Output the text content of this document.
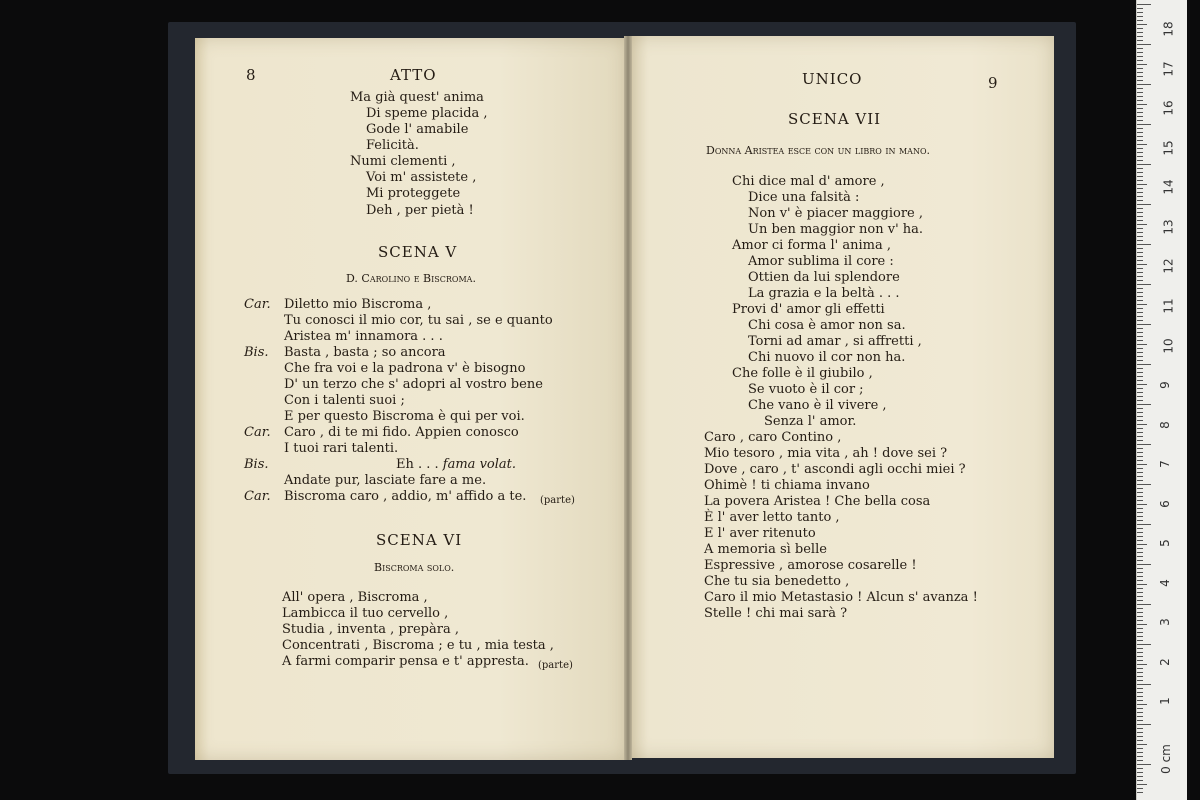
8	ATTO
Ma già quest' anima
Di speme placida ,
Gode l' amabile
Felicità.
Numi clementi ,
Voi m' assistete ,
Mi proteggete
Deh , per pietà !
SCENA V
D. Carolino e Biscroma.
Car. Diletto mio Biscroma ,
Tu conosci il mio cor, tu sai , se e quanto
Aristea m' innamora . . .
Bis. Basta , basta ; so ancora
Che fra voi e la padrona v' è bisogno
D' un terzo che s' adopri al vostro bene
Con i talenti suoi ;
E per questo Biscroma è qui per voi.
Car. Caro , di te mi fido. Appien conosco
I tuoi rari talenti.
Bis.	Eh . . . fama volat.
Andate pur, lasciate fare a me.
Car. Biscroma caro , addio, m' affido a te. (parte)
SCENA VI
Biscroma solo.
All' opera , Biscroma ,
Lambicca il tuo cervello ,
Studia , inventa , prepàra ,
Concentrati , Biscroma ; e tu , mia testa ,
A farmi comparir pensa e t' appresta. (parte)
UNICO	9
SCENA VII
Donna Aristea esce con un libro in mano.
Chi dice mal d' amore ,
Dice una falsità :
Non v' è piacer maggiore ,
Un ben maggior non v' ha.
Amor ci forma l' anima ,
Amor sublima il core :
Ottien da lui splendore
La grazia e la beltà . . .
Provi d' amor gli effetti
Chi cosa è amor non sa.
Torni ad amar , si affretti ,
Chi nuovo il cor non ha.
Che folle è il giubilo ,
Se vuoto è il cor ;
Che vano è il vivere ,
Senza l' amor.
Caro , caro Contino ,
Mio tesoro , mia vita , ah ! dove sei ?
Dove , caro , t' ascondi agli occhi miei ?
Ohimè ! ti chiama invano
La povera Aristea ! Che bella cosa
È l' aver letto tanto ,
E l' aver ritenuto
A memoria sì belle
Espressive , amorose cosarelle !
Che tu sia benedetto ,
Caro il mio Metastasio ! Alcun s' avanza !
Stelle ! chi mai sarà ?
18
17
16
15
14
13
12
11
10
9
8
7
6
5
4
3
2
1
0 cm
